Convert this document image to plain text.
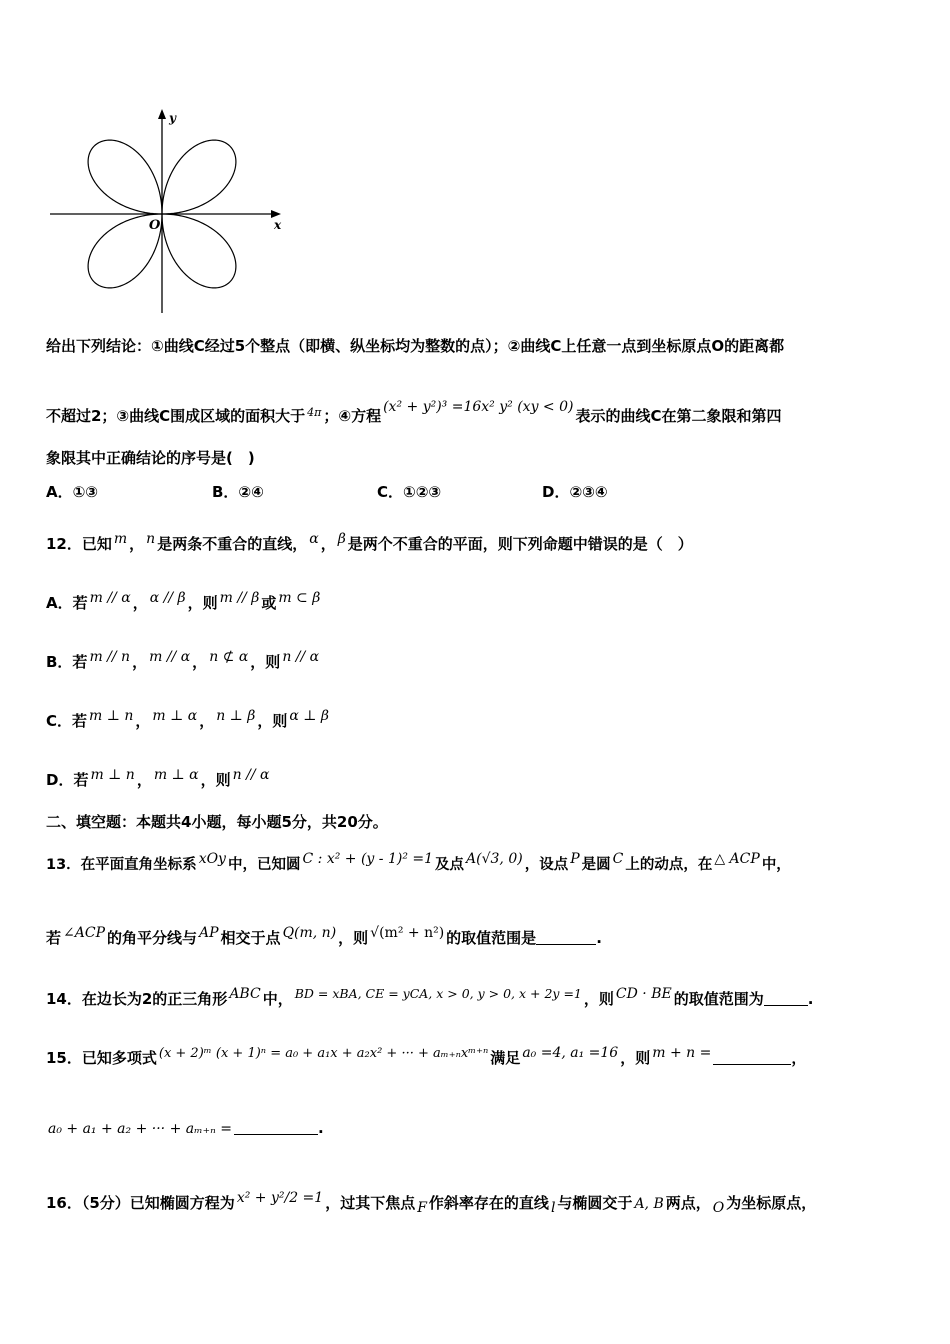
y
x
O
给出下列结论：①曲线C经过5个整点（即横、纵坐标均为整数的点）；②曲线C上任意一点到坐标原点O的距离都
不超过2；③曲线C围成区域的面积大于 4π ；④方程 (x² + y²)³ =16x² y² (xy < 0) 表示的曲线C在第二象限和第四
象限其中正确结论的序号是(　)
A．①③	B．②④	C．①②③	D．②③④
12．已知 m ， n 是两条不重合的直线， α ， β 是两个不重合的平面，则下列命题中错误的是（　）
A．若 m // α ， α // β ，则 m // β 或 m ⊂ β
B．若 m // n ， m // α ， n ⊄ α ，则 n // α
C．若 m ⊥ n ， m ⊥ α ， n ⊥ β ，则 α ⊥ β
D．若 m ⊥ n ， m ⊥ α ，则 n // α
二、填空题：本题共4小题，每小题5分，共20分。
13．在平面直角坐标系 xOy 中，已知圆 C : x² + (y - 1)² =1 及点 A(√3, 0) ，设点 P 是圆 C 上的动点，在 △ ACP 中，
若 ∠ACP 的角平分线与 AP 相交于点 Q(m, n) ，则 √(m² + n²) 的取值范围是	.
14．在边长为2的正三角形 ABC 中， BD = xBA, CE = yCA, x > 0, y > 0, x + 2y =1 ，则 CD · BE 的取值范围为	.
15．已知多项式 (x + 2)ᵐ (x + 1)ⁿ = a₀ + a₁x + a₂x² + ··· + aₘ₊ₙxᵐ⁺ⁿ 满足 a₀ =4, a₁ =16 ，则 m + n =	，
a₀ + a₁ + a₂ + ··· + aₘ₊ₙ =	.
16．（5分）已知椭圆方程为 x² + y²/2 =1 ，过其下焦点 F 作斜率存在的直线 l 与椭圆交于 A, B 两点， O 为坐标原点，
